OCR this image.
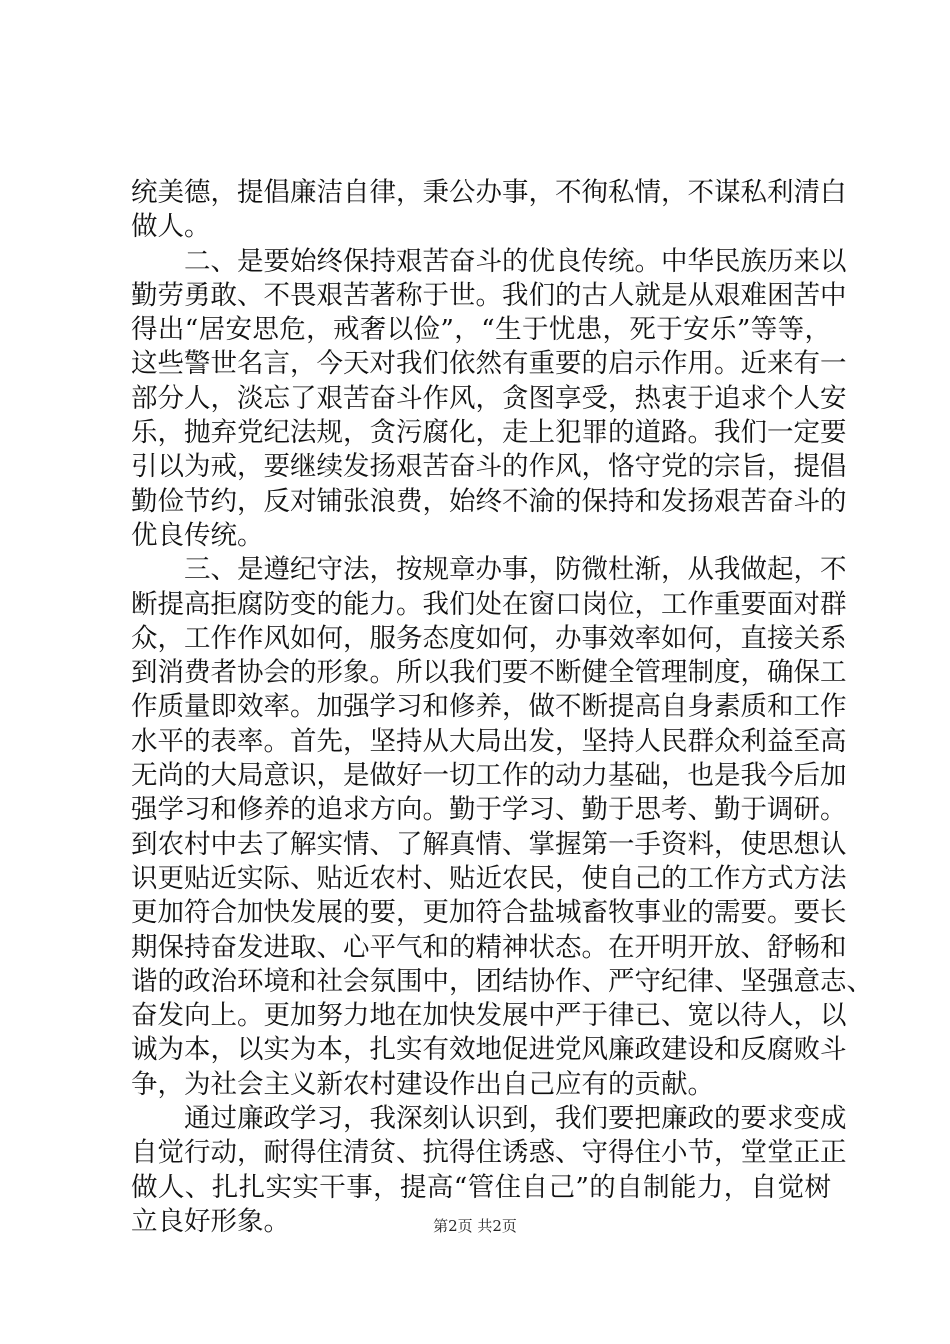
统美德，提倡廉洁自律，秉公办事，不徇私情，不谋私利清白
做人。
二、是要始终保持艰苦奋斗的优良传统。中华民族历来以
勤劳勇敢、不畏艰苦著称于世。我们的古人就是从艰难困苦中
得出“居安思危，戒奢以俭”，“生于忧患，死于安乐”等等，
这些警世名言，今天对我们依然有重要的启示作用。近来有一
部分人，淡忘了艰苦奋斗作风，贪图享受，热衷于追求个人安
乐，抛弃党纪法规，贪污腐化，走上犯罪的道路。我们一定要
引以为戒，要继续发扬艰苦奋斗的作风，恪守党的宗旨，提倡
勤俭节约，反对铺张浪费，始终不渝的保持和发扬艰苦奋斗的
优良传统。
三、是遵纪守法，按规章办事，防微杜渐，从我做起，不
断提高拒腐防变的能力。我们处在窗口岗位，工作重要面对群
众，工作作风如何，服务态度如何，办事效率如何，直接关系
到消费者协会的形象。所以我们要不断健全管理制度，确保工
作质量即效率。加强学习和修养，做不断提高自身素质和工作
水平的表率。首先，坚持从大局出发，坚持人民群众利益至高
无尚的大局意识，是做好一切工作的动力基础，也是我今后加
强学习和修养的追求方向。勤于学习、勤于思考、勤于调研。
到农村中去了解实情、了解真情、掌握第一手资料，使思想认
识更贴近实际、贴近农村、贴近农民，使自己的工作方式方法
更加符合加快发展的要，更加符合盐城畜牧事业的需要。要长
期保持奋发进取、心平气和的精神状态。在开明开放、舒畅和
谐的政治环境和社会氛围中，团结协作、严守纪律、坚强意志、
奋发向上。更加努力地在加快发展中严于律已、宽以待人，以
诚为本，以实为本，扎实有效地促进党风廉政建设和反腐败斗
争，为社会主义新农村建设作出自己应有的贡献。
通过廉政学习，我深刻认识到，我们要把廉政的要求变成
自觉行动，耐得住清贫、抗得住诱惑、守得住小节，堂堂正正
做人、扎扎实实干事，提高“管住自己”的自制能力，自觉树
立良好形象。	第2页 共2页
